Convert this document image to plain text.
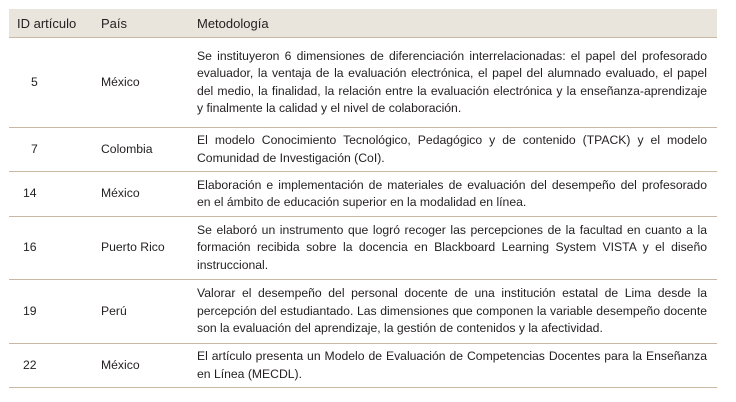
ID artículo	País	Metodología
5	México	Se instituyeron 6 dimensiones de diferenciación interrelacionadas: el papel del profesorado evaluador, la ventaja de la evaluación electrónica, el papel del alumnado evaluado, el papel del medio, la finalidad, la relación entre la evaluación electrónica y la enseñanza-aprendizaje y finalmente la calidad y el nivel de colaboración.
7	Colombia	El modelo Conocimiento Tecnológico, Pedagógico y de contenido (TPACK) y el modelo Comunidad de Investigación (CoI).
14	México	Elaboración e implementación de materiales de evaluación del desempeño del profesorado en el ámbito de educación superior en la modalidad en línea.
16	Puerto Rico	Se elaboró un instrumento que logró recoger las percepciones de la facultad en cuanto a la formación recibida sobre la docencia en Blackboard Learning System VISTA y el diseño instruccional.
19	Perú	Valorar el desempeño del personal docente de una institución estatal de Lima desde la percepción del estudiantado. Las dimensiones que componen la variable desempeño docente son la evaluación del aprendizaje, la gestión de contenidos y la afectividad.
22	México	El artículo presenta un Modelo de Evaluación de Competencias Docentes para la Enseñanza en Línea (MECDL).
